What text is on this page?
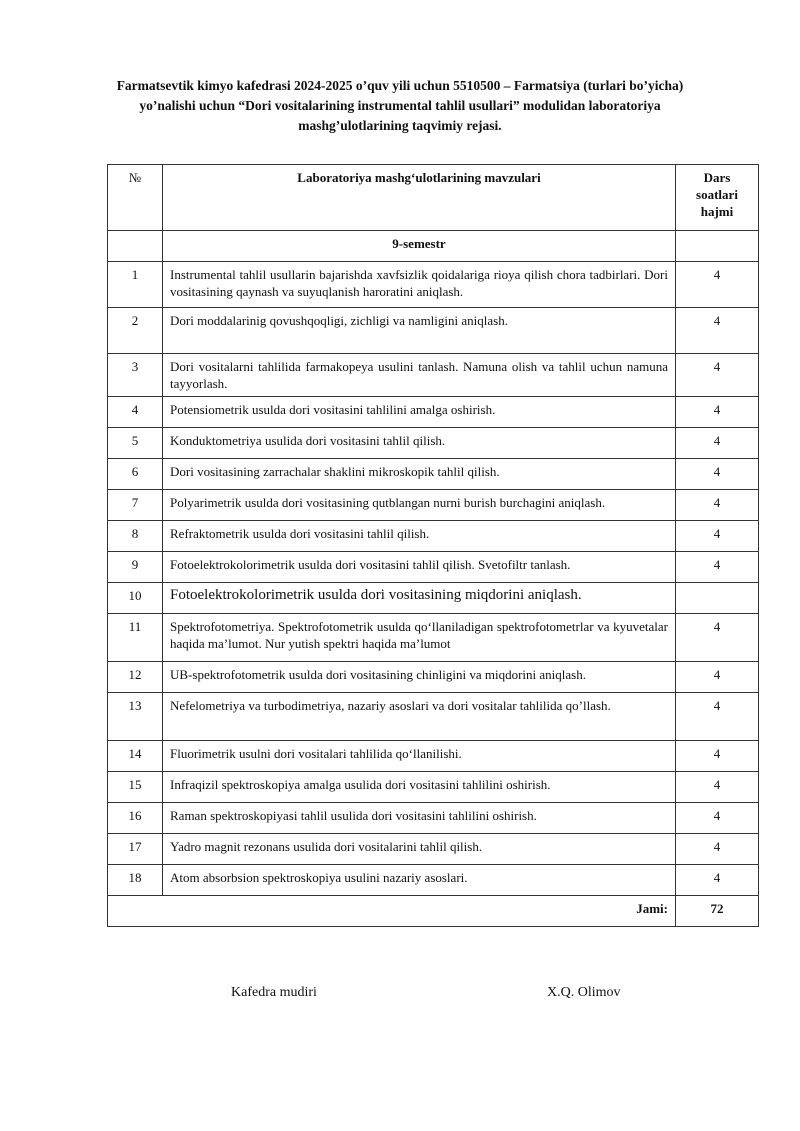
Farmatsevtik kimyo kafedrasi 2024-2025 o’quv yili uchun 5510500 – Farmatsiya (turlari bo’yicha) yo’nalishi uchun “Dori vositalarining instrumental tahlil usullari” modulidan laboratoriya mashg’ulotlarining taqvimiy rejasi.
№	Laboratoriya mashg‘ulotlarining mavzulari	Dars soatlari hajmi
	9-semestr	
1	Instrumental tahlil usullarin bajarishda xavfsizlik qoidalariga rioya qilish chora tadbirlari. Dori vositasining qaynash va suyuqlanish haroratini aniqlash.	4
2	Dori moddalarinig qovushqoqligi, zichligi va namligini aniqlash.	4
3	Dori vositalarni tahlilida farmakopeya usulini tanlash. Namuna olish va tahlil uchun namuna tayyorlash.	4
4	Potensiometrik usulda dori vositasini tahlilini amalga oshirish.	4
5	Konduktometriya usulida dori vositasini tahlil qilish.	4
6	Dori vositasining zarrachalar shaklini mikroskopik tahlil qilish.	4
7	Polyarimetrik usulda dori vositasining qutblangan nurni burish burchagini aniqlash.	4
8	Refraktometrik usulda dori vositasini tahlil qilish.	4
9	Fotoelektrokolorimetrik usulda dori vositasini tahlil qilish. Svetofiltr tanlash.	4
10	Fotoelektrokolorimetrik usulda dori vositasining miqdorini aniqlash.	
11	Spektrofotometriya. Spektrofotometrik usulda qo‘llaniladigan spektrofotometrlar va kyuvetalar haqida ma’lumot. Nur yutish spektri haqida ma’lumot	4
12	UB-spektrofotometrik usulda dori vositasining chinligini va miqdorini aniqlash.	4
13	Nefelometriya va turbodimetriya, nazariy asoslari va dori vositalar tahlilida qo’llash.	4
14	Fluorimetrik usulni dori vositalari tahlilida qo‘llanilishi.	4
15	Infraqizil spektroskopiya amalga usulida dori vositasini tahlilini oshirish.	4
16	Raman spektroskopiyasi tahlil usulida dori vositasini tahlilini oshirish.	4
17	Yadro magnit rezonans usulida dori vositalarini tahlil qilish.	4
18	Atom absorbsion spektroskopiya usulini nazariy asoslari.	4
Jami:		72
Kafedra mudiri	X.Q. Olimov
